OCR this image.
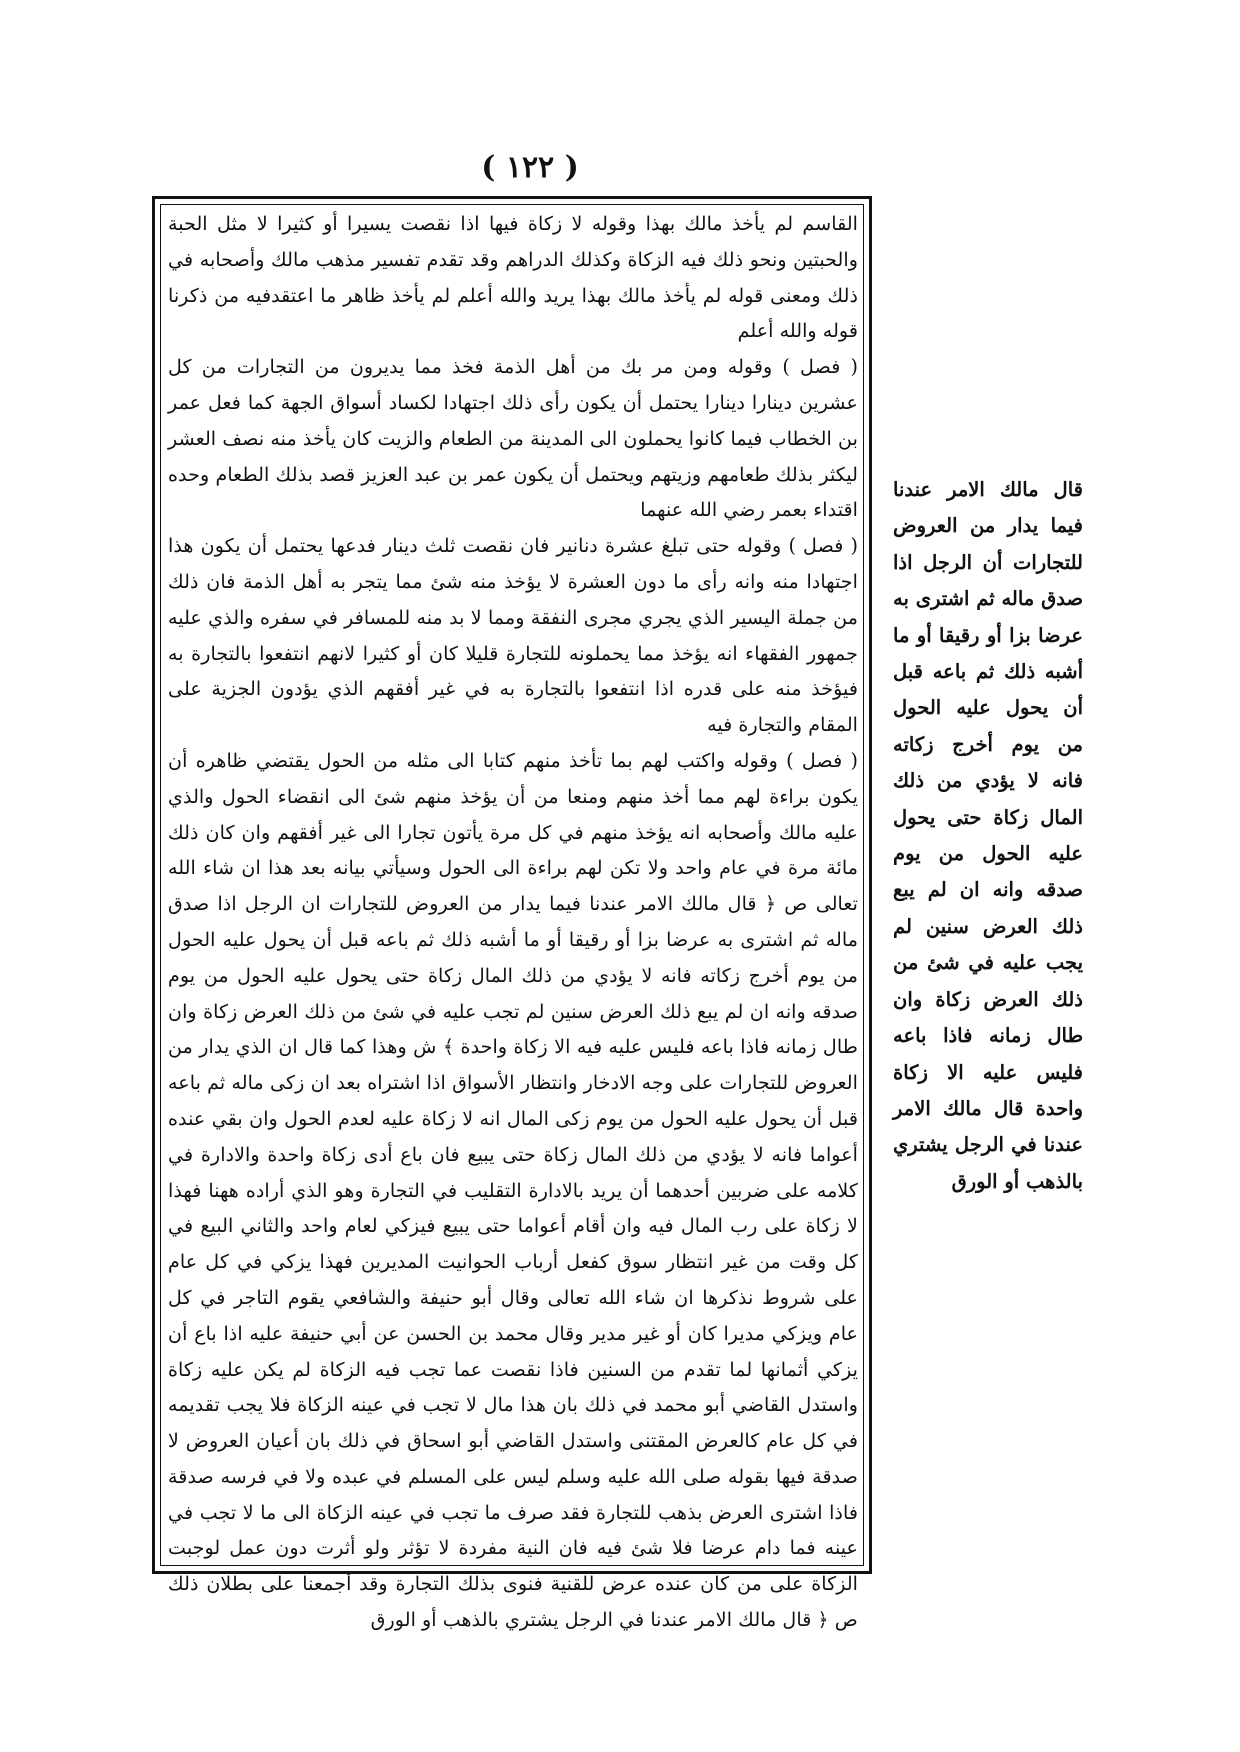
( ١٢٢ )

القاسم لم يأخذ مالك بهذا وقوله لا زكاة فيها اذا نقصت يسيرا أو كثيرا لا مثل الحبة والحبتين ونحو ذلك فيه الزكاة وكذلك الدراهم وقد تقدم تفسير مذهب مالك وأصحابه في ذلك ومعنى قوله لم يأخذ مالك بهذا يريد والله أعلم لم يأخذ ظاهر ما اعتقدفيه من ذكرنا قوله والله أعلم

( فصل ) وقوله ومن مر بك من أهل الذمة فخذ مما يديرون من التجارات من كل عشرين دينارا دينارا يحتمل أن يكون رأى ذلك اجتهادا لكساد أسواق الجهة كما فعل عمر بن الخطاب فيما كانوا يحملون الى المدينة من الطعام والزيت كان يأخذ منه نصف العشر ليكثر بذلك طعامهم وزيتهم ويحتمل أن يكون عمر بن عبد العزيز قصد بذلك الطعام وحده اقتداء بعمر رضي الله عنهما

( فصل ) وقوله حتى تبلغ عشرة دنانير فان نقصت ثلث دينار فدعها يحتمل أن يكون هذا اجتهادا منه وانه رأى ما دون العشرة لا يؤخذ منه شئ مما يتجر به أهل الذمة فان ذلك من جملة اليسير الذي يجري مجرى النفقة ومما لا بد منه للمسافر في سفره والذي عليه جمهور الفقهاء انه يؤخذ مما يحملونه للتجارة قليلا كان أو كثيرا لانهم انتفعوا بالتجارة به فيؤخذ منه على قدره اذا انتفعوا بالتجارة به في غير أفقهم الذي يؤدون الجزية على المقام والتجارة فيه

( فصل ) وقوله واكتب لهم بما تأخذ منهم كتابا الى مثله من الحول يقتضي ظاهره أن يكون براءة لهم مما أخذ منهم ومنعا من أن يؤخذ منهم شئ الى انقضاء الحول والذي عليه مالك وأصحابه انه يؤخذ منهم في كل مرة يأتون تجارا الى غير أفقهم وان كان ذلك مائة مرة في عام واحد ولا تكن لهم براءة الى الحول وسيأتي بيانه بعد هذا ان شاء الله تعالى ص ﴿ قال مالك الامر عندنا فيما يدار من العروض للتجارات ان الرجل اذا صدق ماله ثم اشترى به عرضا بزا أو رقيقا أو ما أشبه ذلك ثم باعه قبل أن يحول عليه الحول من يوم أخرج زكاته فانه لا يؤدي من ذلك المال زكاة حتى يحول عليه الحول من يوم صدقه وانه ان لم يبع ذلك العرض سنين لم تجب عليه في شئ من ذلك العرض زكاة وان طال زمانه فاذا باعه فليس عليه فيه الا زكاة واحدة ﴾ ش وهذا كما قال ان الذي يدار من العروض للتجارات على وجه الادخار وانتظار الأسواق اذا اشتراه بعد ان زكى ماله ثم باعه قبل أن يحول عليه الحول من يوم زكى المال انه لا زكاة عليه لعدم الحول وان بقي عنده أعواما فانه لا يؤدي من ذلك المال زكاة حتى يبيع فان باع أدى زكاة واحدة والادارة في كلامه على ضربين أحدهما أن يريد بالادارة التقليب في التجارة وهو الذي أراده ههنا فهذا لا زكاة على رب المال فيه وان أقام أعواما حتى يبيع فيزكي لعام واحد والثاني البيع في كل وقت من غير انتظار سوق كفعل أرباب الحوانيت المديرين فهذا يزكي في كل عام على شروط نذكرها ان شاء الله تعالى وقال أبو حنيفة والشافعي يقوم التاجر في كل عام ويزكي مديرا كان أو غير مدير وقال محمد بن الحسن عن أبي حنيفة عليه اذا باع أن يزكي أثمانها لما تقدم من السنين فاذا نقصت عما تجب فيه الزكاة لم يكن عليه زكاة واستدل القاضي أبو محمد في ذلك بان هذا مال لا تجب في عينه الزكاة فلا يجب تقديمه في كل عام كالعرض المقتنى واستدل القاضي أبو اسحاق في ذلك بان أعيان العروض لا صدقة فيها بقوله صلى الله عليه وسلم ليس على المسلم في عبده ولا في فرسه صدقة فاذا اشترى العرض بذهب للتجارة فقد صرف ما تجب في عينه الزكاة الى ما لا تجب في عينه فما دام عرضا فلا شئ فيه فان النية مفردة لا تؤثر ولو أثرت دون عمل لوجبت الزكاة على من كان عنده عرض للقنية فنوى بذلك التجارة وقد أجمعنا على بطلان ذلك ص ﴿ قال مالك الامر عندنا في الرجل يشتري بالذهب أو الورق

قال مالك الامر عندنا فيما يدار من العروض للتجارات أن الرجل اذا صدق ماله ثم اشترى به عرضا بزا أو رقيقا أو ما أشبه ذلك ثم باعه قبل أن يحول عليه الحول من يوم أخرج زكاته فانه لا يؤدي من ذلك المال زكاة حتى يحول عليه الحول من يوم صدقه وانه ان لم يبع ذلك العرض سنين لم يجب عليه في شئ من ذلك العرض زكاة وان طال زمانه فاذا باعه فليس عليه الا زكاة واحدة قال مالك الامر عندنا في الرجل يشتري بالذهب أو الورق
